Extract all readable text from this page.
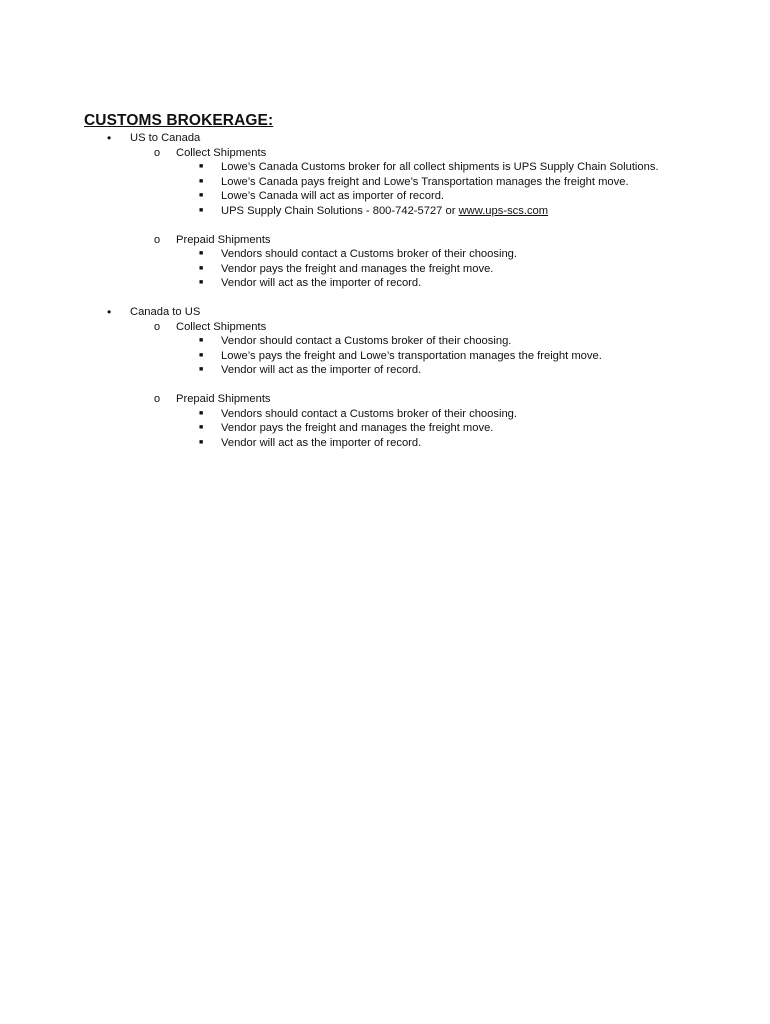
CUSTOMS BROKERAGE:
• US to Canada
o Collect Shipments
■ Lowe’s Canada Customs broker for all collect shipments is UPS Supply Chain Solutions.
■ Lowe’s Canada pays freight and Lowe’s Transportation manages the freight move.
■ Lowe’s Canada will act as importer of record.
■ UPS Supply Chain Solutions - 800-742-5727 or www.ups-scs.com
o Prepaid Shipments
■ Vendors should contact a Customs broker of their choosing.
■ Vendor pays the freight and manages the freight move.
■ Vendor will act as the importer of record.
• Canada to US
o Collect Shipments
■ Vendor should contact a Customs broker of their choosing.
■ Lowe’s pays the freight and Lowe’s transportation manages the freight move.
■ Vendor will act as the importer of record.
o Prepaid Shipments
■ Vendors should contact a Customs broker of their choosing.
■ Vendor pays the freight and manages the freight move.
■ Vendor will act as the importer of record.
